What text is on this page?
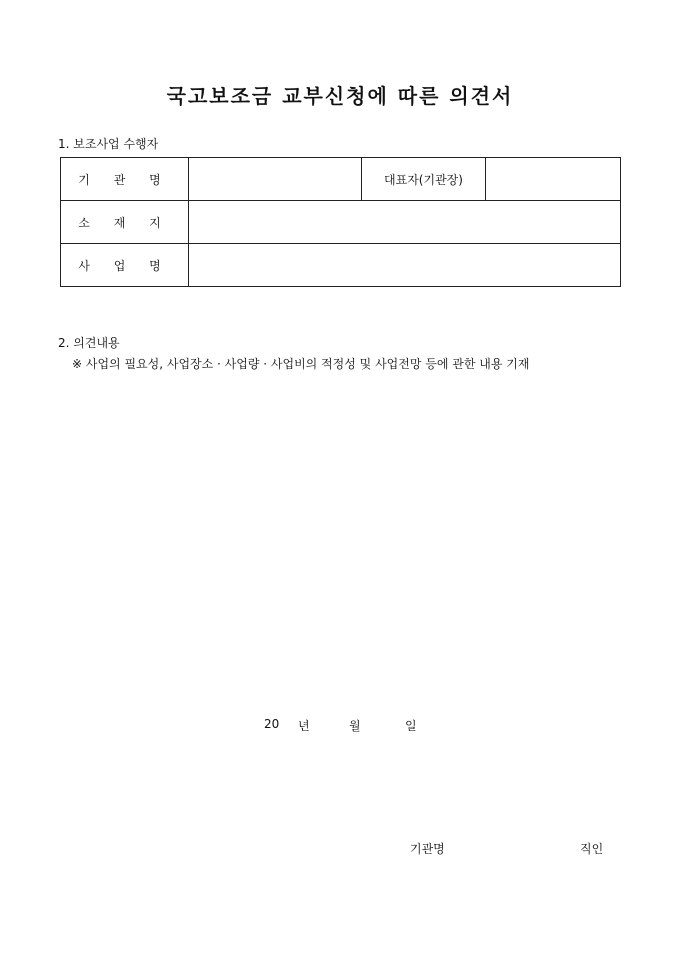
국고보조금 교부신청에 따른 의견서
1. 보조사업 수행자
기 관 명		대표자(기관장)	
소 재 지			
사 업 명			
2. 의견내용
※ 사업의 필요성, 사업장소 · 사업량 · 사업비의 적정성 및 사업전망 등에 관한 내용 기재
20 년	월	일
기관명	직인
